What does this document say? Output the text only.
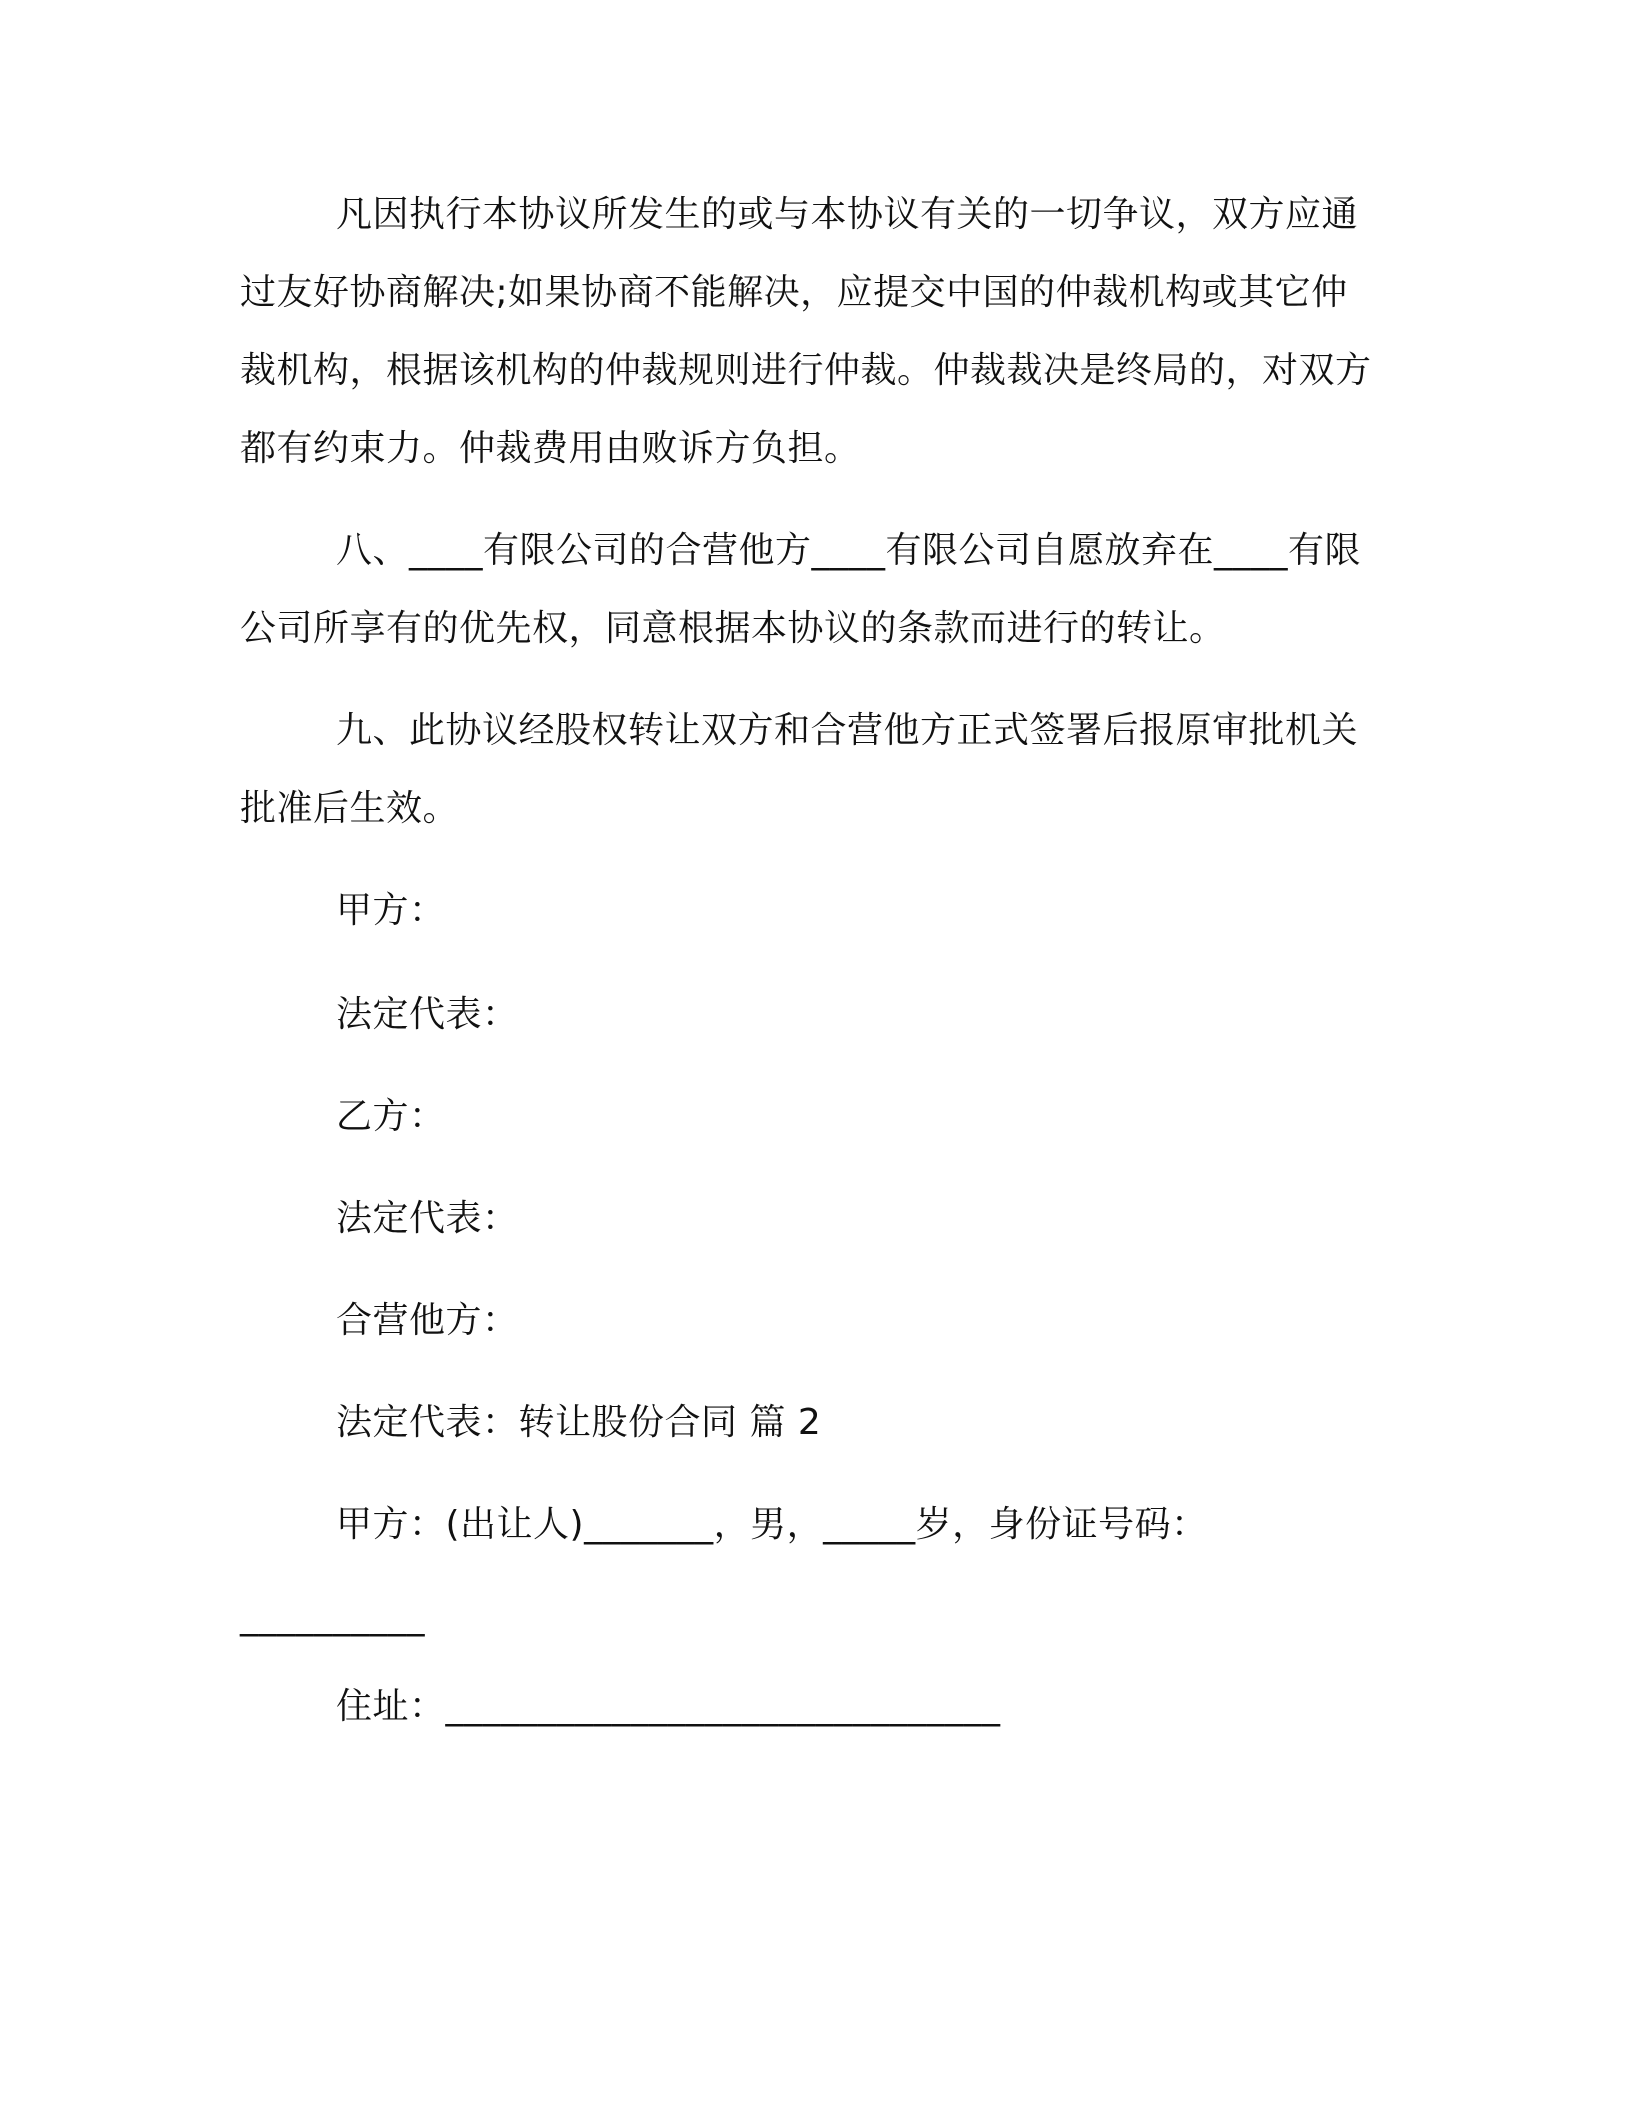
凡因执行本协议所发生的或与本协议有关的一切争议，双方应通过友好协商解决;如果协商不能解决，应提交中国的仲裁机构或其它仲裁机构，根据该机构的仲裁规则进行仲裁。仲裁裁决是终局的，对双方都有约束力。仲裁费用由败诉方负担。
八、____有限公司的合营他方____有限公司自愿放弃在____有限公司所享有的优先权，同意根据本协议的条款而进行的转让。
九、此协议经股权转让双方和合营他方正式签署后报原审批机关批准后生效。
甲方：
法定代表：
乙方：
法定代表：
合营他方：
法定代表：转让股份合同 篇 2
甲方：(出让人)_______，男，_____岁，身份证号码：
__________
住址：______________________________
